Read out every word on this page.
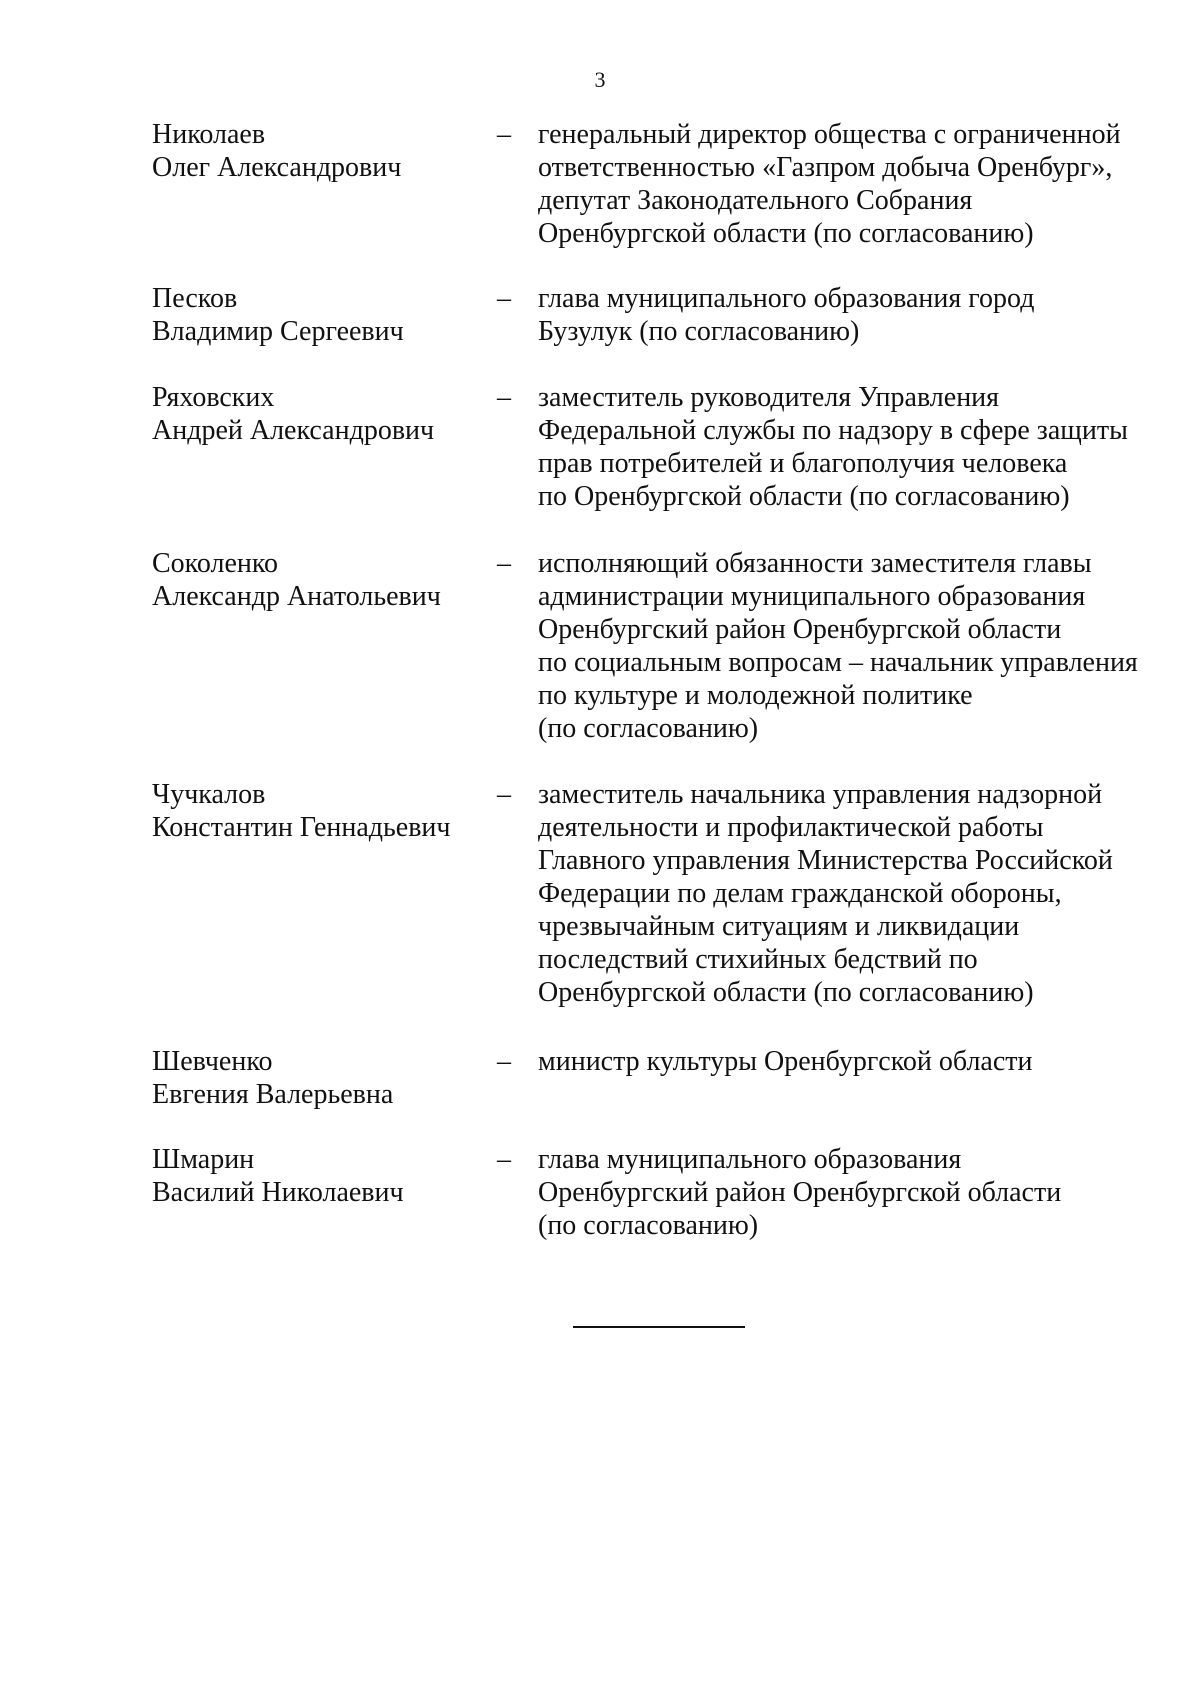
3
Николаев
Олег Александрович
– генеральный директор общества с ограниченной
ответственностью «Газпром добыча Оренбург»,
депутат Законодательного Собрания
Оренбургской области (по согласованию)
Песков
Владимир Сергеевич
– глава муниципального образования город
Бузулук (по согласованию)
Ряховских
Андрей Александрович
– заместитель руководителя Управления
Федеральной службы по надзору в сфере защиты
прав потребителей и благополучия человека
по Оренбургской области (по согласованию)
Соколенко
Александр Анатольевич
– исполняющий обязанности заместителя главы
администрации муниципального образования
Оренбургский район Оренбургской области
по социальным вопросам – начальник управления
по культуре и молодежной политике
(по согласованию)
Чучкалов
Константин Геннадьевич
– заместитель начальника управления надзорной
деятельности и профилактической работы
Главного управления Министерства Российской
Федерации по делам гражданской обороны,
чрезвычайным ситуациям и ликвидации
последствий стихийных бедствий по
Оренбургской области (по согласованию)
Шевченко
Евгения Валерьевна
– министр культуры Оренбургской области
Шмарин
Василий Николаевич
– глава муниципального образования
Оренбургский район Оренбургской области
(по согласованию)
